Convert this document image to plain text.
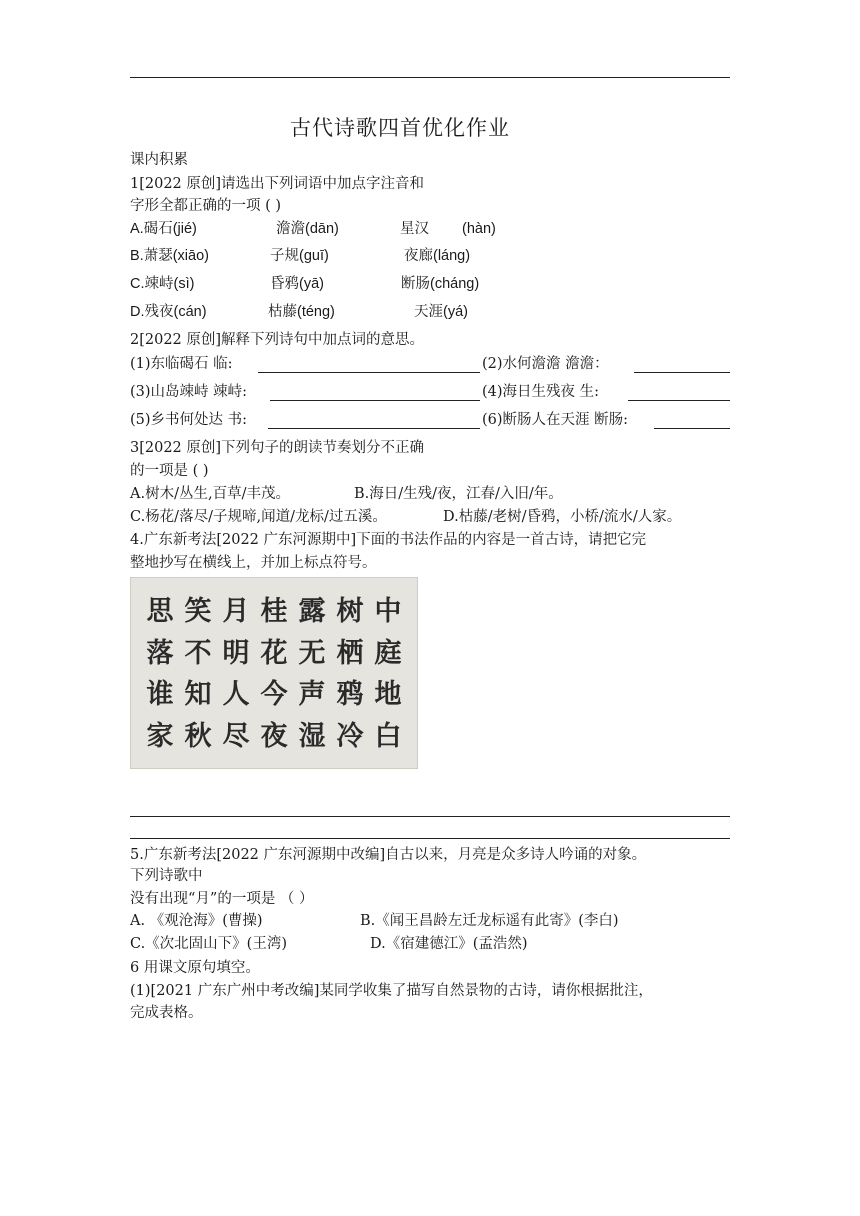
古代诗歌四首优化作业
课内积累
1[2022 原创]请选出下列词语中加点字注音和
字形全都正确的一项 ( )
A.碣石(jié)	澹澹(dān)	星汉 (hàn)
B.萧瑟(xiāo)	子规(guī)	夜廊(láng)
C.竦峙(sì)	昏鸦(yā)	断肠(cháng)
D.残夜(cán)	枯藤(téng)	天涯(yá)
2[2022 原创]解释下列诗句中加点词的意思。
(1)东临碣石 临:	(2)水何澹澹 澹澹：
(3)山岛竦峙 竦峙:	(4)海日生残夜 生:
(5)乡书何处达 书:	(6)断肠人在天涯 断肠:
3[2022 原创]下列句子的朗读节奏划分不正确
的一项是 ( )
A.树木/丛生,百草/丰茂。	B.海日/生残/夜，江春/入旧/年。
C.杨花/落尽/子规啼,闻道/龙标/过五溪。	D.枯藤/老树/昏鸦，小桥/流水/人家。
4.广东新考法[2022 广东河源期中]下面的书法作品的内容是一首古诗，请把它完
整地抄写在横线上，并加上标点符号。
思 笑 月 桂 露 树 中
落 不 明 花 无 栖 庭
谁 知 人 今 声 鸦 地
家 秋 尽 夜 湿 冷 白
5.广东新考法[2022 广东河源期中改编]自古以来，月亮是众多诗人吟诵的对象。
下列诗歌中
没有出现“月”的一项是 （ ）
A. 《观沧海》(曹操)	B.《闻王昌龄左迁龙标遥有此寄》(李白)
C.《次北固山下》(王湾)	D.《宿建德江》(孟浩然)
6 用课文原句填空。
(1)[2021 广东广州中考改编]某同学收集了描写自然景物的古诗，请你根据批注，
完成表格。
